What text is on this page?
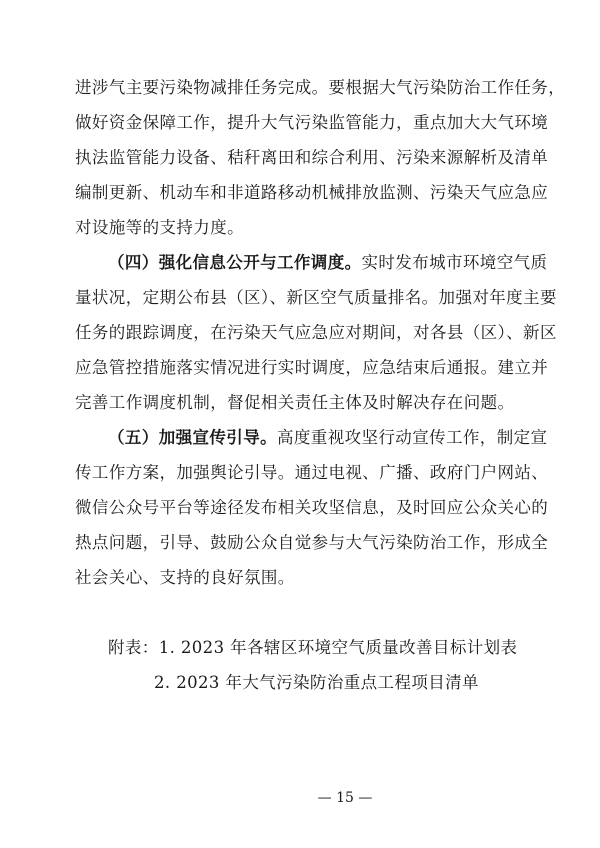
进涉气主要污染物减排任务完成。要根据大气污染防治工作任务，
做好资金保障工作，提升大气污染监管能力，重点加大大气环境
执法监管能力设备、秸秆离田和综合利用、污染来源解析及清单
编制更新、机动车和非道路移动机械排放监测、污染天气应急应
对设施等的支持力度。
（四）强化信息公开与工作调度。实时发布城市环境空气质
量状况，定期公布县（区）、新区空气质量排名。加强对年度主要
任务的跟踪调度，在污染天气应急应对期间，对各县（区）、新区
应急管控措施落实情况进行实时调度，应急结束后通报。建立并
完善工作调度机制，督促相关责任主体及时解决存在问题。
（五）加强宣传引导。高度重视攻坚行动宣传工作，制定宣
传工作方案，加强舆论引导。通过电视、广播、政府门户网站、
微信公众号平台等途径发布相关攻坚信息，及时回应公众关心的
热点问题，引导、鼓励公众自觉参与大气污染防治工作，形成全
社会关心、支持的良好氛围。
附表：1. 2023 年各辖区环境空气质量改善目标计划表
2. 2023 年大气污染防治重点工程项目清单
— 15 —
